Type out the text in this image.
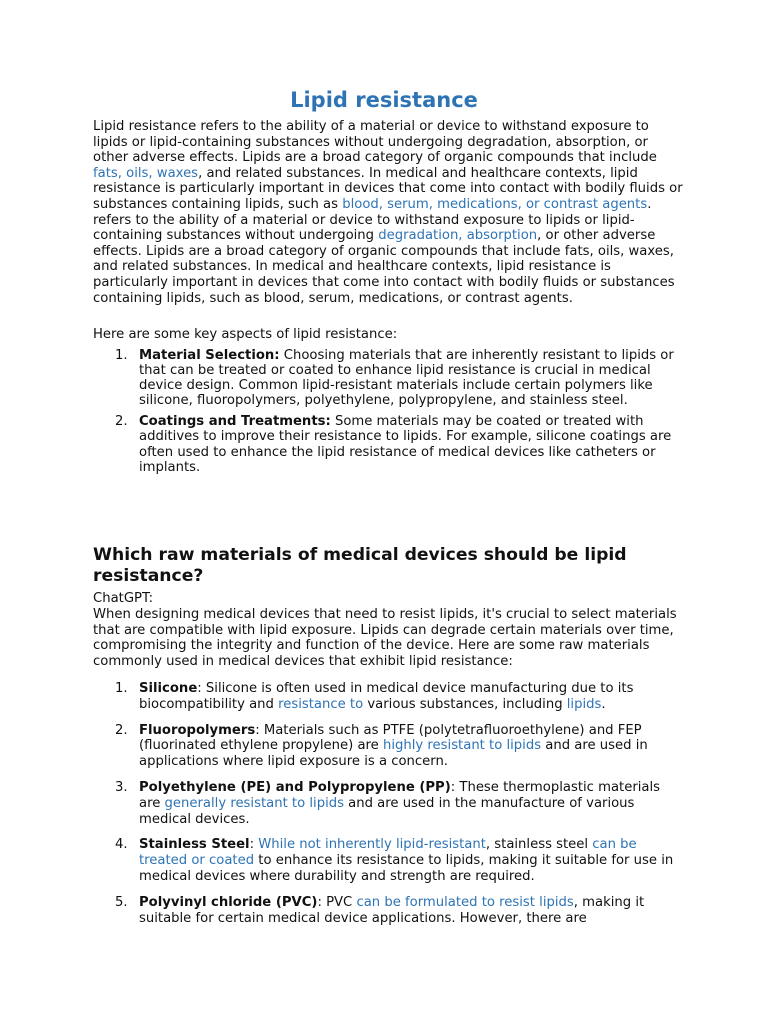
Lipid resistance

Lipid resistance refers to the ability of a material or device to withstand exposure to lipids or lipid-containing substances without undergoing degradation, absorption, or other adverse effects. Lipids are a broad category of organic compounds that include fats, oils, waxes, and related substances. In medical and healthcare contexts, lipid resistance is particularly important in devices that come into contact with bodily fluids or substances containing lipids, such as blood, serum, medications, or contrast agents. refers to the ability of a material or device to withstand exposure to lipids or lipid-containing substances without undergoing degradation, absorption, or other adverse effects. Lipids are a broad category of organic compounds that include fats, oils, waxes, and related substances. In medical and healthcare contexts, lipid resistance is particularly important in devices that come into contact with bodily fluids or substances containing lipids, such as blood, serum, medications, or contrast agents.

Here are some key aspects of lipid resistance:

1. Material Selection: Choosing materials that are inherently resistant to lipids or that can be treated or coated to enhance lipid resistance is crucial in medical device design. Common lipid-resistant materials include certain polymers like silicone, fluoropolymers, polyethylene, polypropylene, and stainless steel.
2. Coatings and Treatments: Some materials may be coated or treated with additives to improve their resistance to lipids. For example, silicone coatings are often used to enhance the lipid resistance of medical devices like catheters or implants.
Which raw materials of medical devices should be lipid resistance?

ChatGPT:

When designing medical devices that need to resist lipids, it's crucial to select materials that are compatible with lipid exposure. Lipids can degrade certain materials over time, compromising the integrity and function of the device. Here are some raw materials commonly used in medical devices that exhibit lipid resistance:

1. Silicone: Silicone is often used in medical device manufacturing due to its biocompatibility and resistance to various substances, including lipids.
2. Fluoropolymers: Materials such as PTFE (polytetrafluoroethylene) and FEP (fluorinated ethylene propylene) are highly resistant to lipids and are used in applications where lipid exposure is a concern.
3. Polyethylene (PE) and Polypropylene (PP): These thermoplastic materials are generally resistant to lipids and are used in the manufacture of various medical devices.
4. Stainless Steel: While not inherently lipid-resistant, stainless steel can be treated or coated to enhance its resistance to lipids, making it suitable for use in medical devices where durability and strength are required.
5. Polyvinyl chloride (PVC): PVC can be formulated to resist lipids, making it suitable for certain medical device applications. However, there are
